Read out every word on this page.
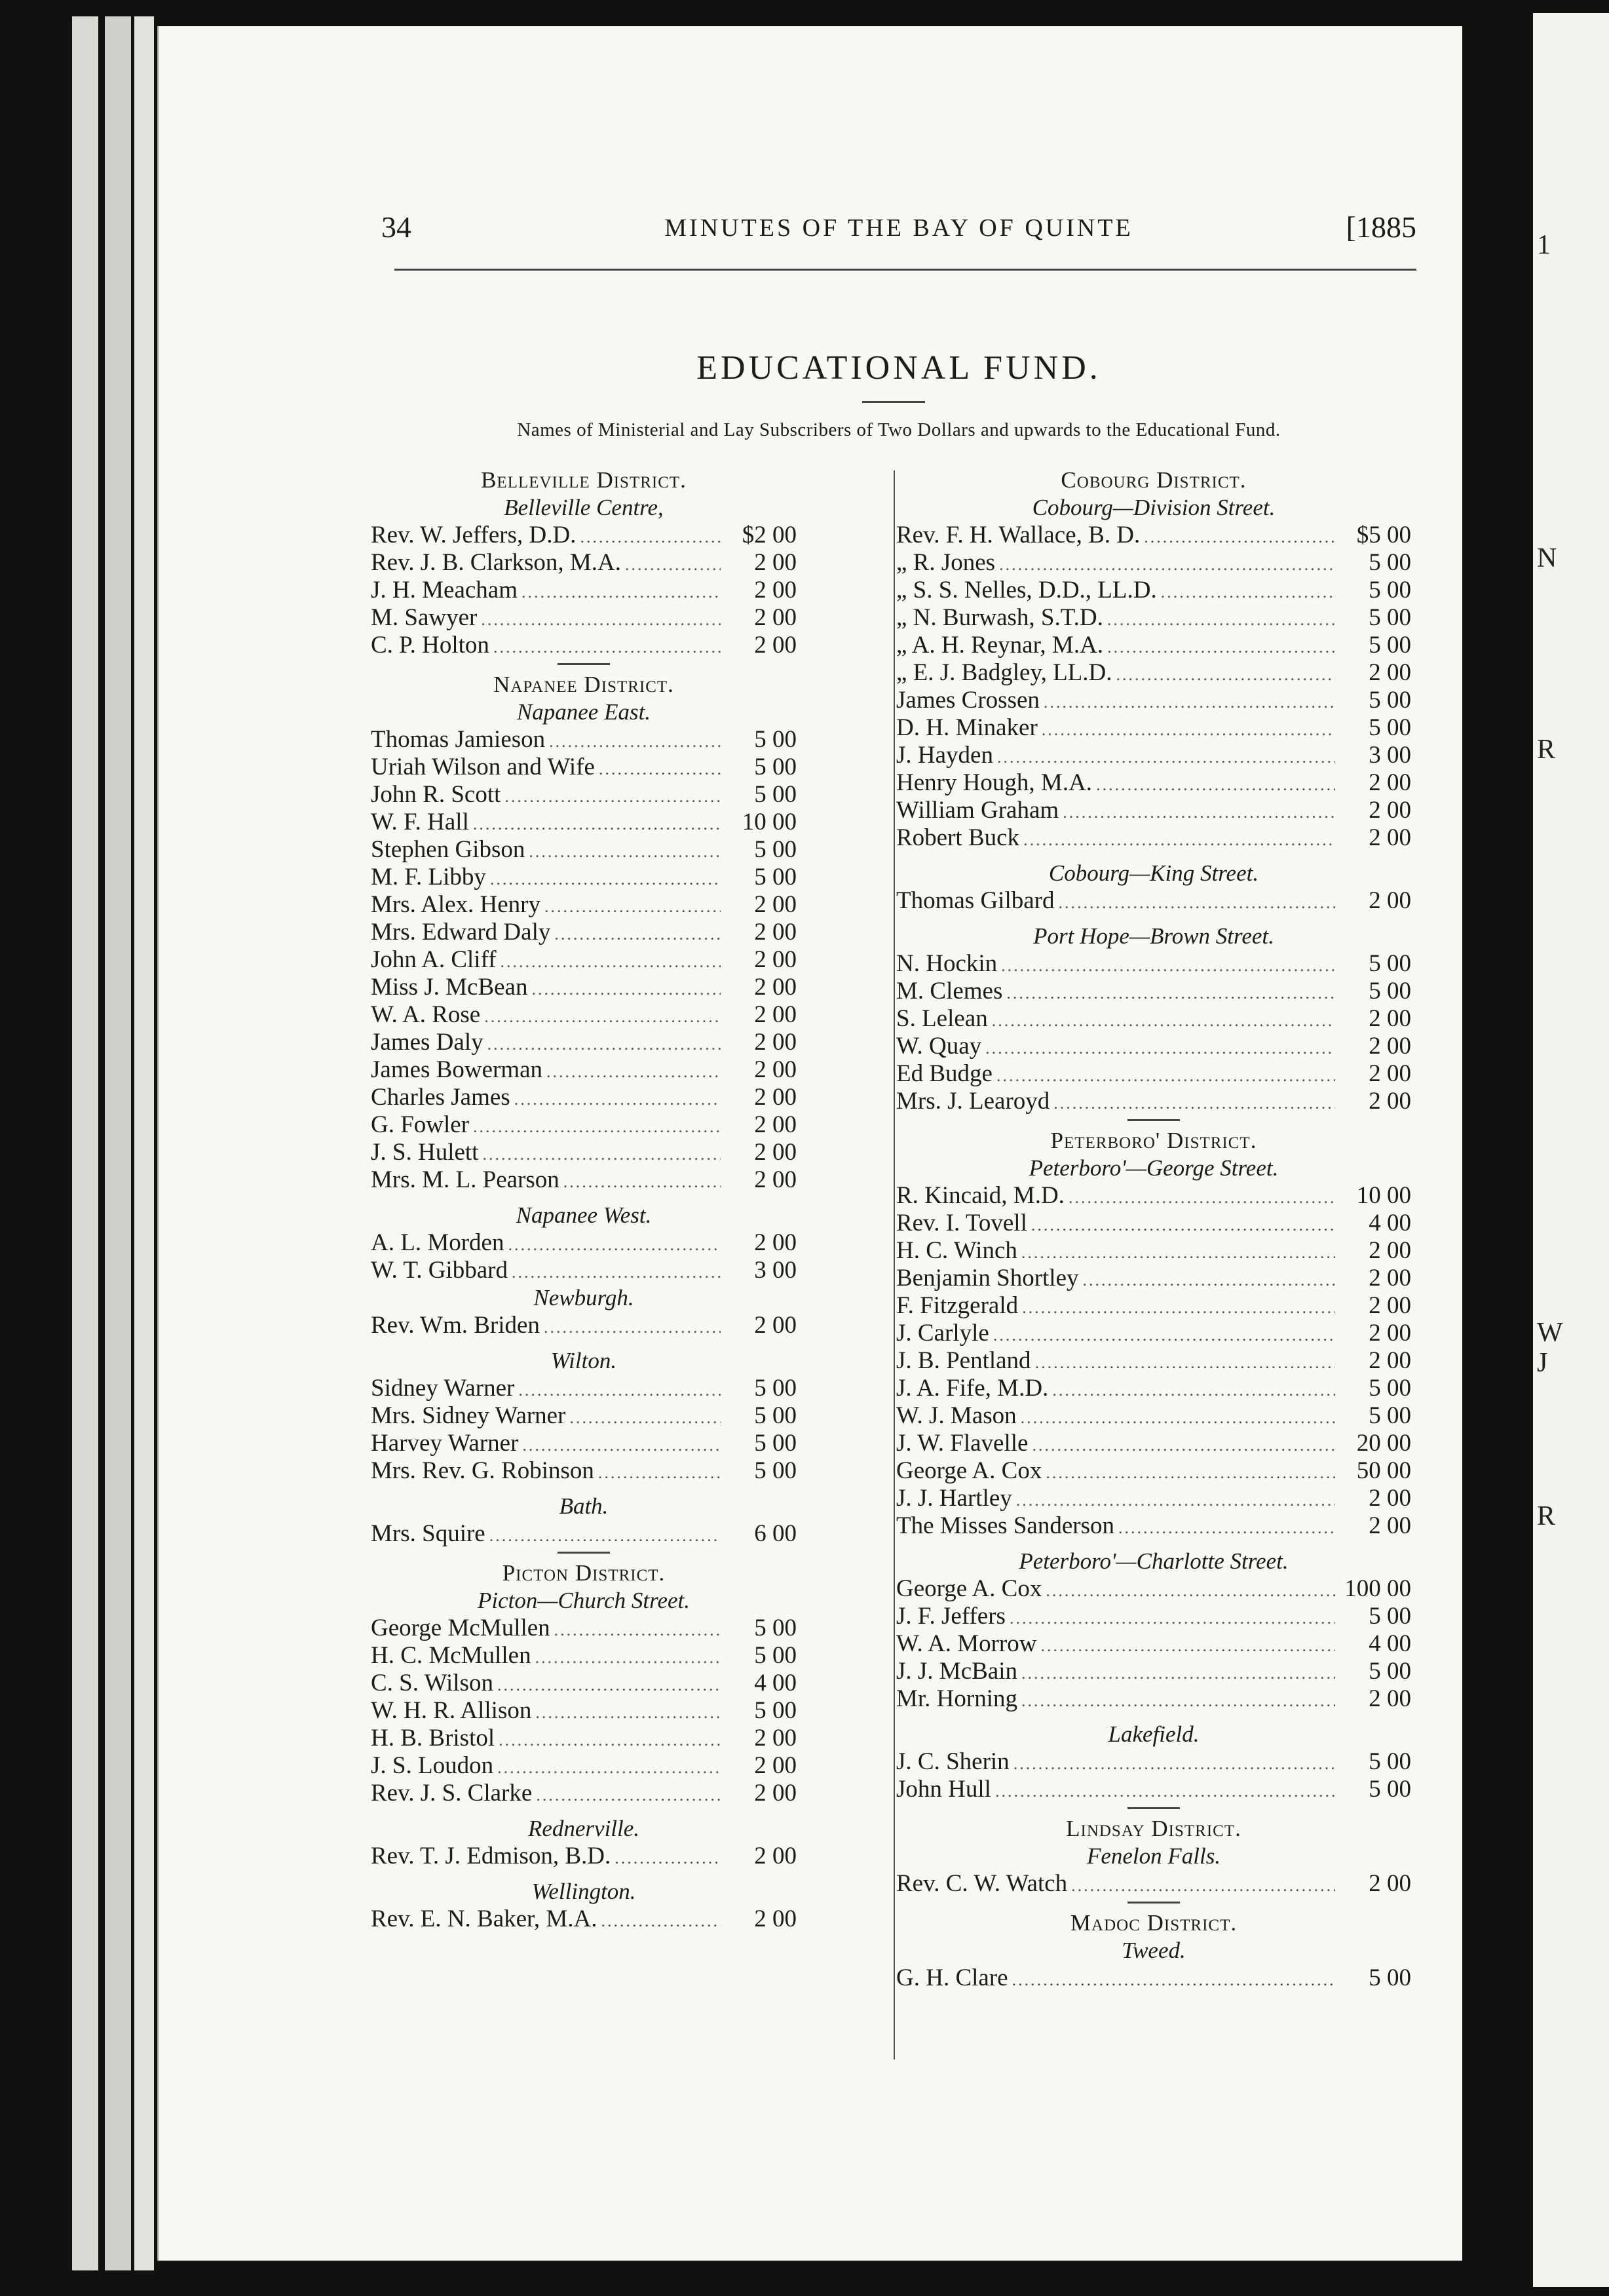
1
N
R
W
J
R
34	MINUTES OF THE BAY OF QUINTE	[1885
EDUCATIONAL FUND.
Names of Ministerial and Lay Subscribers of Two Dollars and upwards to the Educational Fund.
Belleville District.
Belleville Centre,
Rev. W. Jeffers, D.D. .....	$2 00
Rev. J. B. Clarkson, M.A. .....	2 00
J. H. Meacham .....	2 00
M. Sawyer .....	2 00
C. P. Holton .....	2 00
Napanee District.
Napanee East.
Thomas Jamieson .....	5 00
Uriah Wilson and Wife .....	5 00
John R. Scott .....	5 00
W. F. Hall .....	10 00
Stephen Gibson .....	5 00
M. F. Libby .....	5 00
Mrs. Alex. Henry .....	2 00
Mrs. Edward Daly .....	2 00
John A. Cliff .....	2 00
Miss J. McBean .....	2 00
W. A. Rose .....	2 00
James Daly .....	2 00
James Bowerman .....	2 00
Charles James .....	2 00
G. Fowler .....	2 00
J. S. Hulett .....	2 00
Mrs. M. L. Pearson .....	2 00
Napanee West.
A. L. Morden .....	2 00
W. T. Gibbard .....	3 00
Newburgh.
Rev. Wm. Briden .....	2 00
Wilton.
Sidney Warner .....	5 00
Mrs. Sidney Warner .....	5 00
Harvey Warner .....	5 00
Mrs. Rev. G. Robinson .....	5 00
Bath.
Mrs. Squire .....	6 00
Picton District.
Picton—Church Street.
George McMullen .....	5 00
H. C. McMullen .....	5 00
C. S. Wilson .....	4 00
W. H. R. Allison .....	5 00
H. B. Bristol .....	2 00
J. S. Loudon .....	2 00
Rev. J. S. Clarke .....	2 00
Rednerville.
Rev. T. J. Edmison, B.D. .....	2 00
Wellington.
Rev. E. N. Baker, M.A. .....	2 00
Cobourg District.
Cobourg—Division Street.
Rev. F. H. Wallace, B. D. .....	$5 00
„ R. Jones .....	5 00
„ S. S. Nelles, D.D., LL.D. .....	5 00
„ N. Burwash, S.T.D. .....	5 00
„ A. H. Reynar, M.A. .....	5 00
„ E. J. Badgley, LL.D. .....	2 00
James Crossen .....	5 00
D. H. Minaker .....	5 00
J. Hayden .....	3 00
Henry Hough, M.A. .....	2 00
William Graham .....	2 00
Robert Buck .....	2 00
Cobourg—King Street.
Thomas Gilbard .....	2 00
Port Hope—Brown Street.
N. Hockin .....	5 00
M. Clemes .....	5 00
S. Lelean .....	2 00
W. Quay .....	2 00
Ed Budge .....	2 00
Mrs. J. Learoyd .....	2 00
Peterboro' District.
Peterboro'—George Street.
R. Kincaid, M.D. .....	10 00
Rev. I. Tovell .....	4 00
H. C. Winch .....	2 00
Benjamin Shortley .....	2 00
F. Fitzgerald .....	2 00
J. Carlyle .....	2 00
J. B. Pentland .....	2 00
J. A. Fife, M.D. .....	5 00
W. J. Mason .....	5 00
J. W. Flavelle .....	20 00
George A. Cox .....	50 00
J. J. Hartley .....	2 00
The Misses Sanderson .....	2 00
Peterboro'—Charlotte Street.
George A. Cox .....	100 00
J. F. Jeffers .....	5 00
W. A. Morrow .....	4 00
J. J. McBain .....	5 00
Mr. Horning .....	2 00
Lakefield.
J. C. Sherin .....	5 00
John Hull .....	5 00
Lindsay District.
Fenelon Falls.
Rev. C. W. Watch .....	2 00
Madoc District.
Tweed.
G. H. Clare .....	5 00
